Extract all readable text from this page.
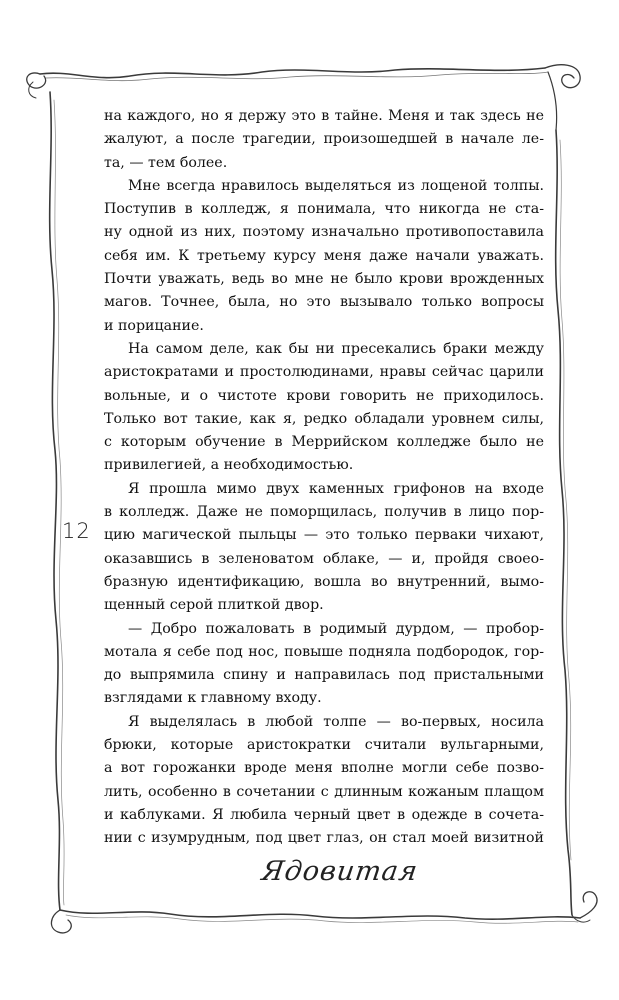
на каждого, но я держу это в тайне. Меня и так здесь не
жалуют, а после трагедии, произошедшей в начале ле-
та, — тем более.
Мне всегда нравилось выделяться из лощеной толпы.
Поступив в колледж, я понимала, что никогда не ста-
ну одной из них, поэтому изначально противопоставила
себя им. К третьему курсу меня даже начали уважать.
Почти уважать, ведь во мне не было крови врожденных
магов. Точнее, была, но это вызывало только вопросы
и порицание.
На самом деле, как бы ни пресекались браки между
аристократами и простолюдинами, нравы сейчас царили
вольные, и о чистоте крови говорить не приходилось.
Только вот такие, как я, редко обладали уровнем силы,
с которым обучение в Меррийском колледже было не
привилегией, а необходимостью.
Я прошла мимо двух каменных грифонов на входе
в колледж. Даже не поморщилась, получив в лицо пор-
цию магической пыльцы — это только перваки чихают,
оказавшись в зеленоватом облаке, — и, пройдя своео-
бразную идентификацию, вошла во внутренний, вымо-
щенный серой плиткой двор.
— Добро пожаловать в родимый дурдом, — пробор-
мотала я себе под нос, повыше подняла подбородок, гор-
до выпрямила спину и направилась под пристальными
взглядами к главному входу.
Я выделялась в любой толпе — во-первых, носила
брюки, которые аристократки считали вульгарными,
а вот горожанки вроде меня вполне могли себе позво-
лить, особенно в сочетании с длинным кожаным плащом
и каблуками. Я любила черный цвет в одежде в сочета-
нии с изумрудным, под цвет глаз, он стал моей визитной
12
Ядовитая
